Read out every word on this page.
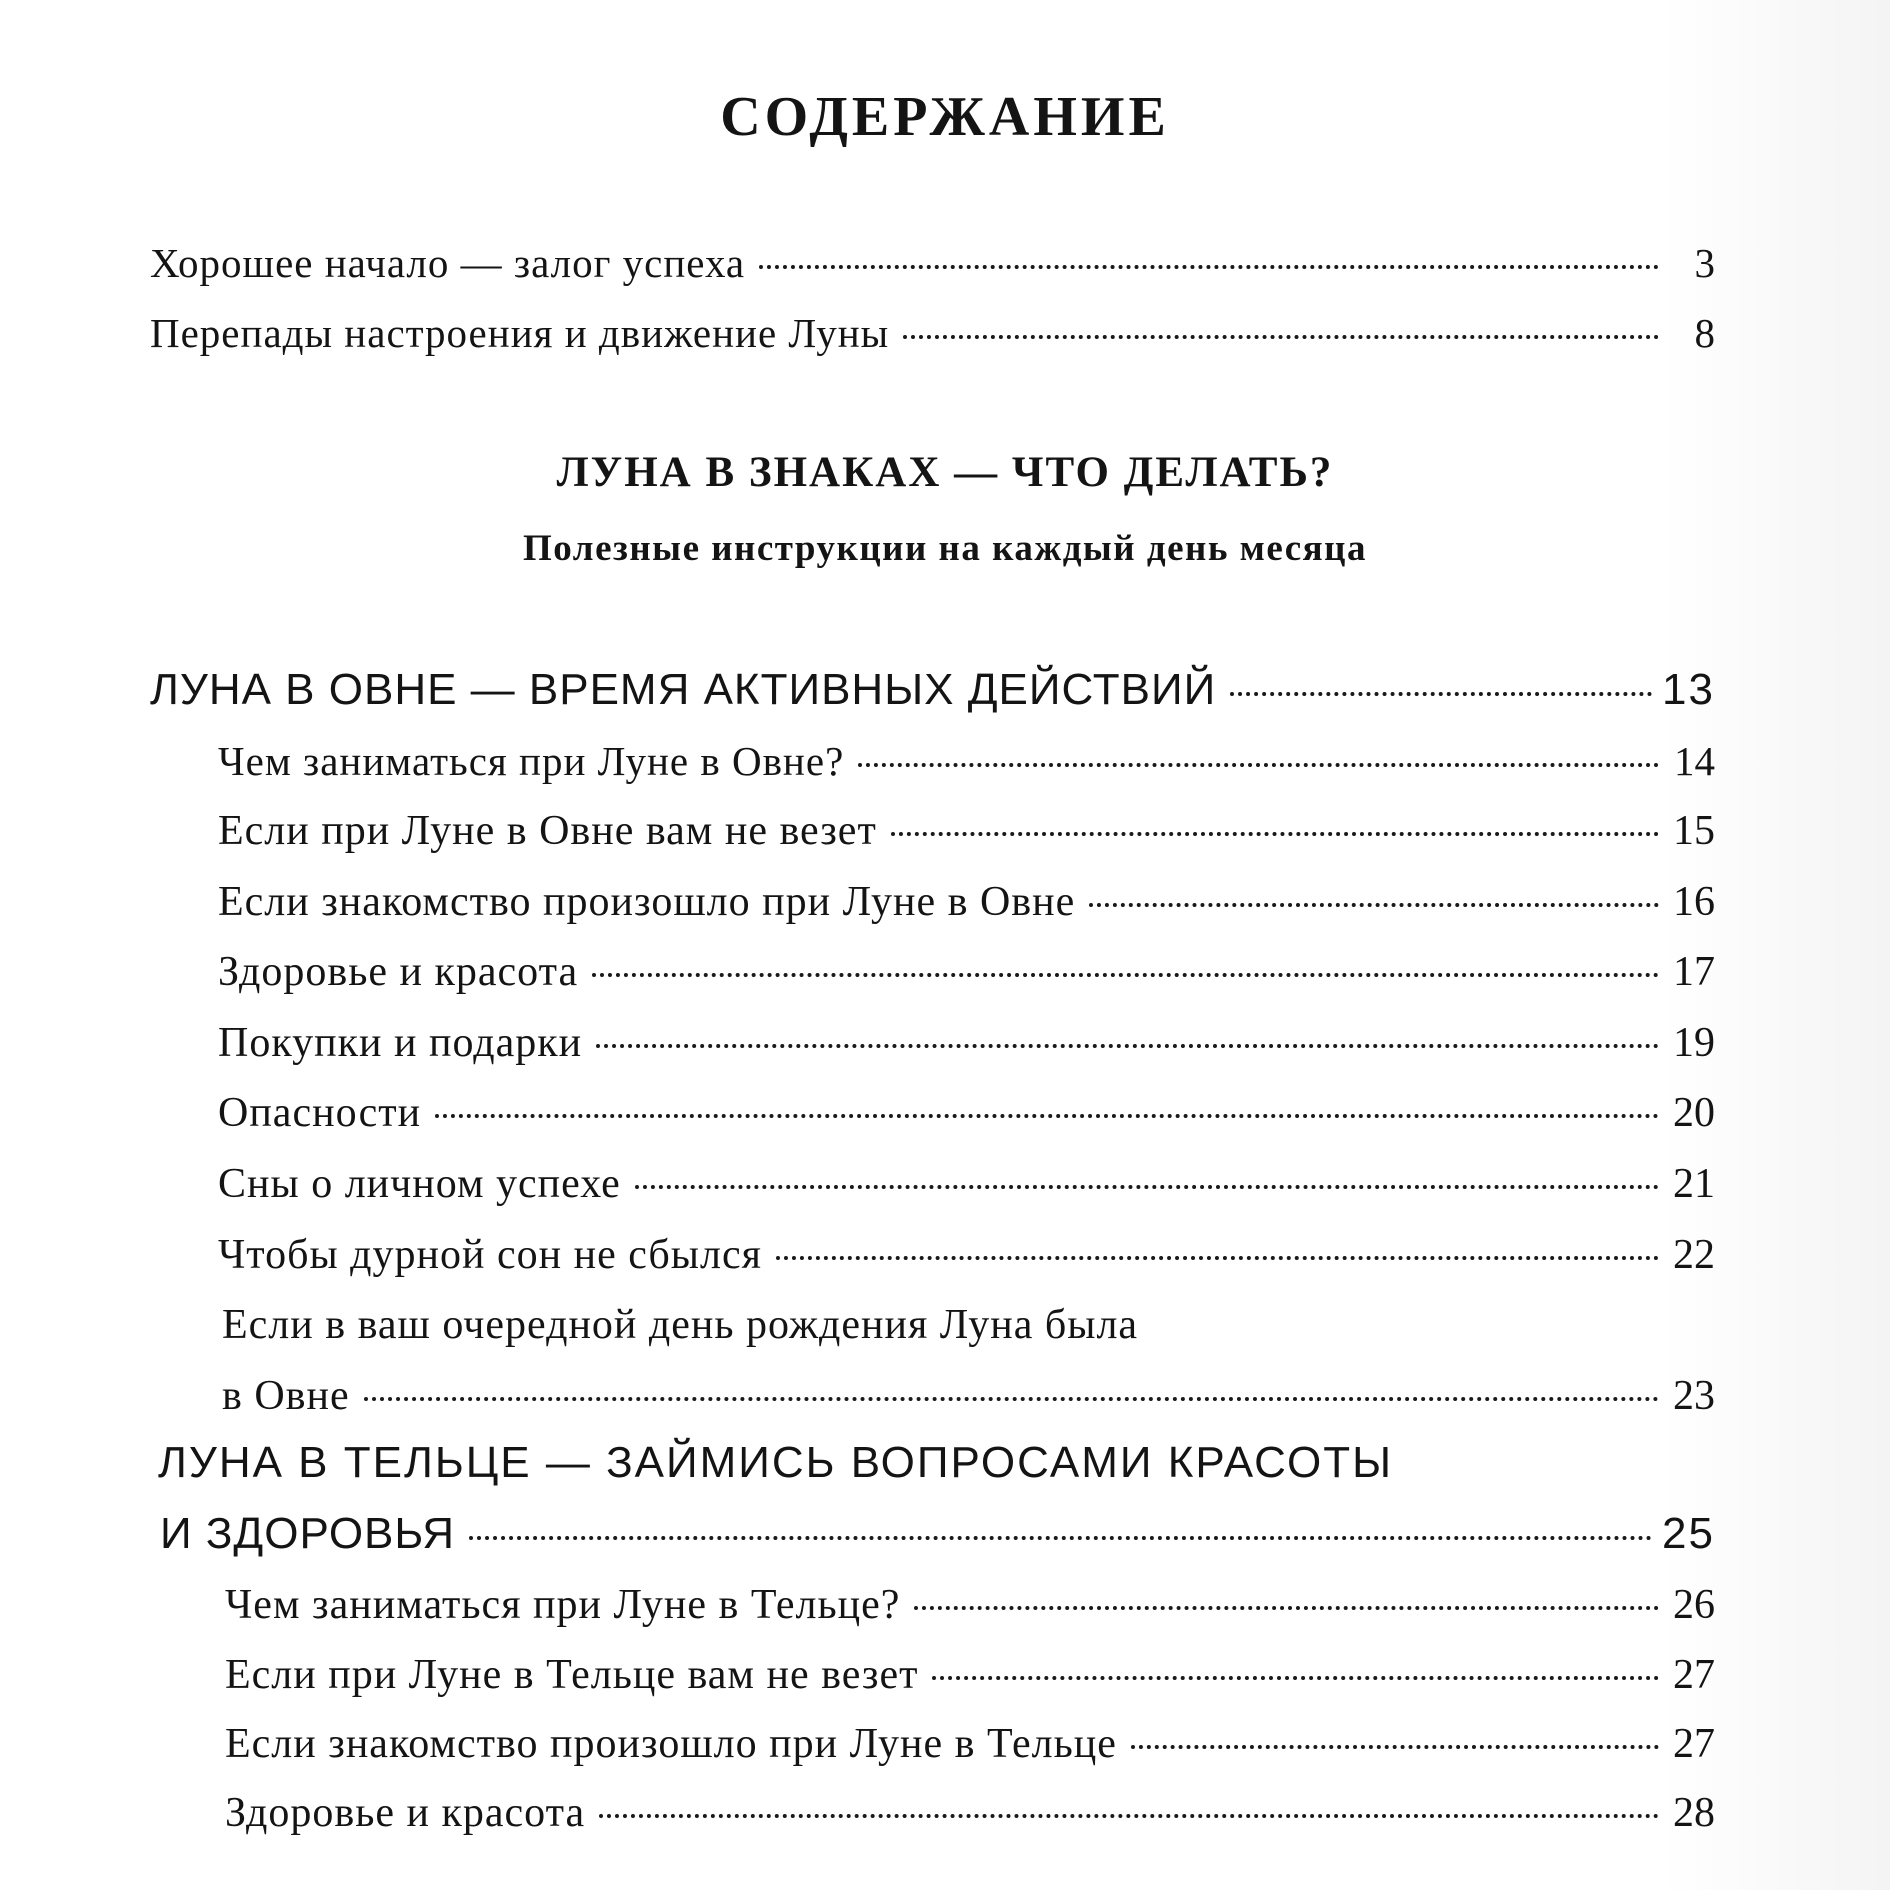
СОДЕРЖАНИЕ
Хорошее начало — залог успеха	3
Перепады настроения и движение Луны	8
ЛУНА В ЗНАКАХ — ЧТО ДЕЛАТЬ?
Полезные инструкции на каждый день месяца
ЛУНА В ОВНЕ — ВРЕМЯ АКТИВНЫХ ДЕЙСТВИЙ	13
Чем заниматься при Луне в Овне?	14
Если при Луне в Овне вам не везет	15
Если знакомство произошло при Луне в Овне	16
Здоровье и красота	17
Покупки и подарки	19
Опасности	20
Сны о личном успехе	21
Чтобы дурной сон не сбылся	22
Если в ваш очередной день рождения Луна была
в Овне	23
ЛУНА В ТЕЛЬЦЕ — ЗАЙМИСЬ ВОПРОСАМИ КРАСОТЫ
И ЗДОРОВЬЯ	25
Чем заниматься при Луне в Тельце?	26
Если при Луне в Тельце вам не везет	27
Если знакомство произошло при Луне в Тельце	27
Здоровье и красота	28
